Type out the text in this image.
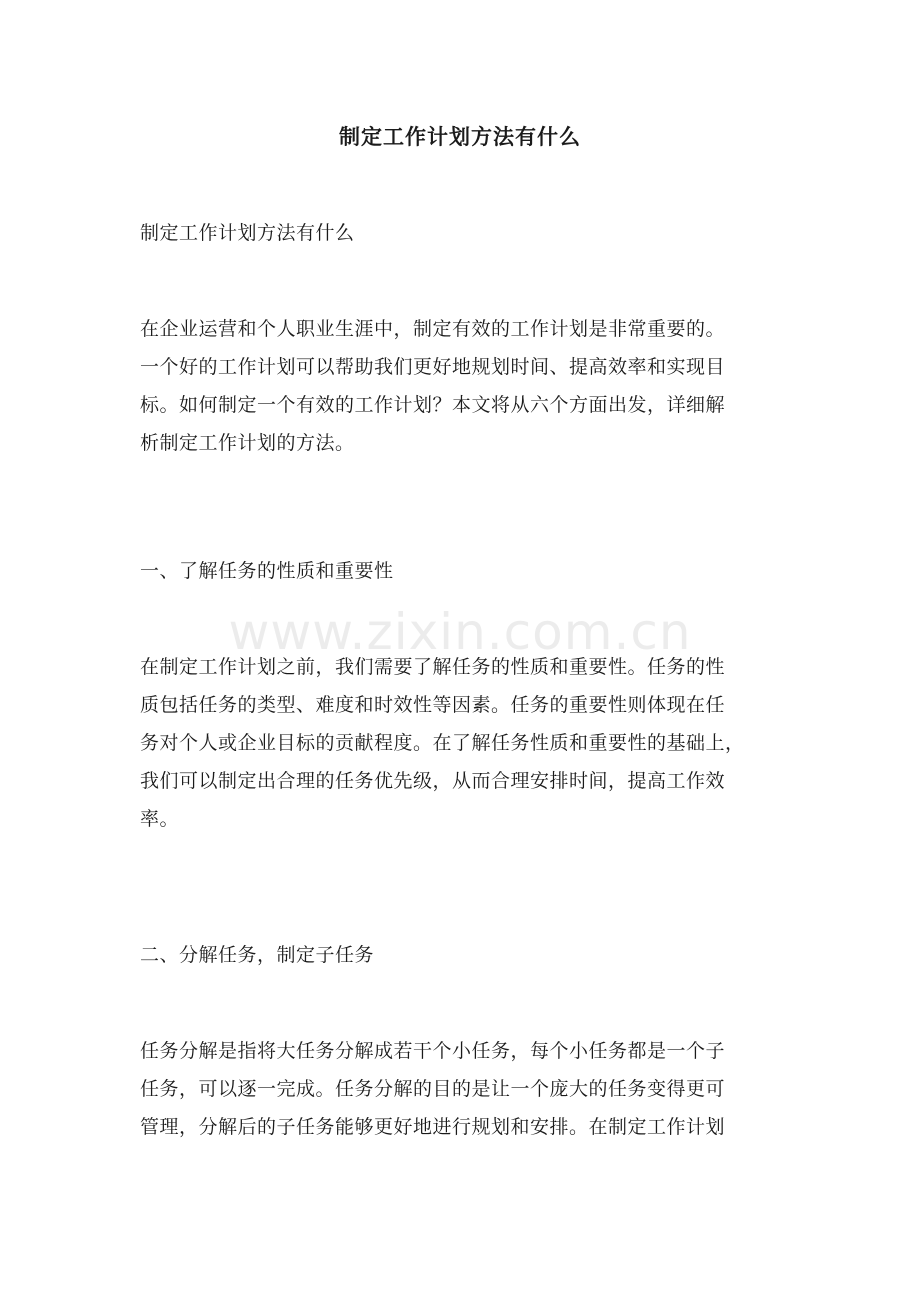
www.zixin.com.cn
制定工作计划方法有什么
制定工作计划方法有什么
在企业运营和个人职业生涯中，制定有效的工作计划是非常重要的。
一个好的工作计划可以帮助我们更好地规划时间、提高效率和实现目
标。如何制定一个有效的工作计划？本文将从六个方面出发，详细解
析制定工作计划的方法。
一、了解任务的性质和重要性
在制定工作计划之前，我们需要了解任务的性质和重要性。任务的性
质包括任务的类型、难度和时效性等因素。任务的重要性则体现在任
务对个人或企业目标的贡献程度。在了解任务性质和重要性的基础上，
我们可以制定出合理的任务优先级，从而合理安排时间，提高工作效
率。
二、分解任务，制定子任务
任务分解是指将大任务分解成若干个小任务，每个小任务都是一个子
任务，可以逐一完成。任务分解的目的是让一个庞大的任务变得更可
管理，分解后的子任务能够更好地进行规划和安排。在制定工作计划
